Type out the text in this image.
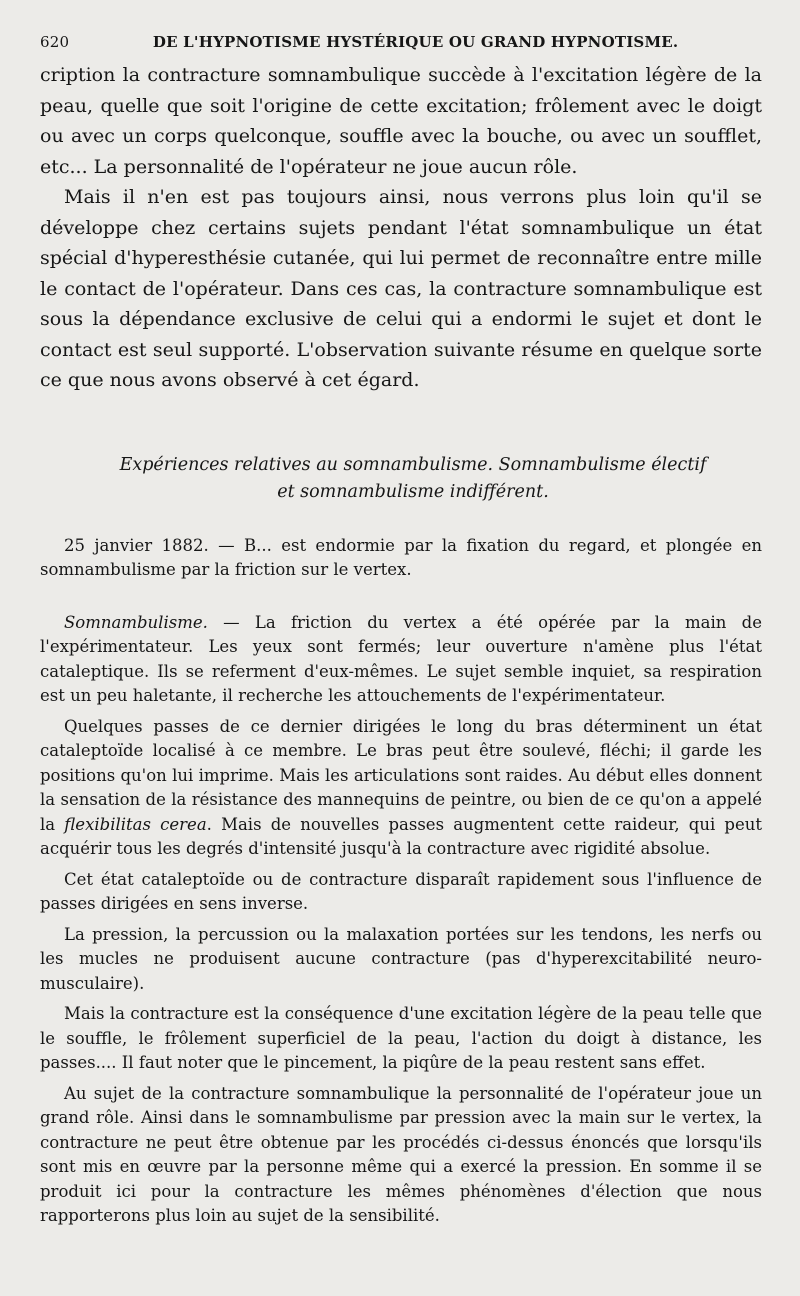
620	DE L'HYPNOTISME HYSTÉRIQUE OU GRAND HYPNOTISME.

cription la contracture somnambulique succède à l'excitation légère de la peau, quelle que soit l'origine de cette excitation; frôlement avec le doigt ou avec un corps quelconque, souffle avec la bouche, ou avec un soufflet, etc... La personnalité de l'opérateur ne joue aucun rôle.

Mais il n'en est pas toujours ainsi, nous verrons plus loin qu'il se développe chez certains sujets pendant l'état somnambulique un état spécial d'hyperesthésie cutanée, qui lui permet de reconnaître entre mille le contact de l'opérateur. Dans ces cas, la contracture somnambulique est sous la dépendance exclusive de celui qui a endormi le sujet et dont le contact est seul supporté. L'observation suivante résume en quelque sorte ce que nous avons observé à cet égard.

Expériences relatives au somnambulisme. Somnambulisme électif
et somnambulisme indifférent.

25 janvier 1882. — B... est endormie par la fixation du regard, et plongée en somnambulisme par la friction sur le vertex.

Somnambulisme. — La friction du vertex a été opérée par la main de l'expérimentateur. Les yeux sont fermés; leur ouverture n'amène plus l'état cataleptique. Ils se referment d'eux-mêmes. Le sujet semble inquiet, sa respiration est un peu haletante, il recherche les attouchements de l'expérimentateur.

Quelques passes de ce dernier dirigées le long du bras déterminent un état cataleptoïde localisé à ce membre. Le bras peut être soulevé, fléchi; il garde les positions qu'on lui imprime. Mais les articulations sont raides. Au début elles donnent la sensation de la résistance des mannequins de peintre, ou bien de ce qu'on a appelé la flexibilitas cerea. Mais de nouvelles passes augmentent cette raideur, qui peut acquérir tous les degrés d'intensité jusqu'à la contracture avec rigidité absolue.

Cet état cataleptoïde ou de contracture disparaît rapidement sous l'influence de passes dirigées en sens inverse.

La pression, la percussion ou la malaxation portées sur les tendons, les nerfs ou les mucles ne produisent aucune contracture (pas d'hyperexcitabilité neuro-musculaire).

Mais la contracture est la conséquence d'une excitation légère de la peau telle que le souffle, le frôlement superficiel de la peau, l'action du doigt à distance, les passes.... Il faut noter que le pincement, la piqûre de la peau restent sans effet.

Au sujet de la contracture somnambulique la personnalité de l'opérateur joue un grand rôle. Ainsi dans le somnambulisme par pression avec la main sur le vertex, la contracture ne peut être obtenue par les procédés ci-dessus énoncés que lorsqu'ils sont mis en œuvre par la personne même qui a exercé la pression. En somme il se produit ici pour la contracture les mêmes phénomènes d'élection que nous rapporterons plus loin au sujet de la sensibilité.
